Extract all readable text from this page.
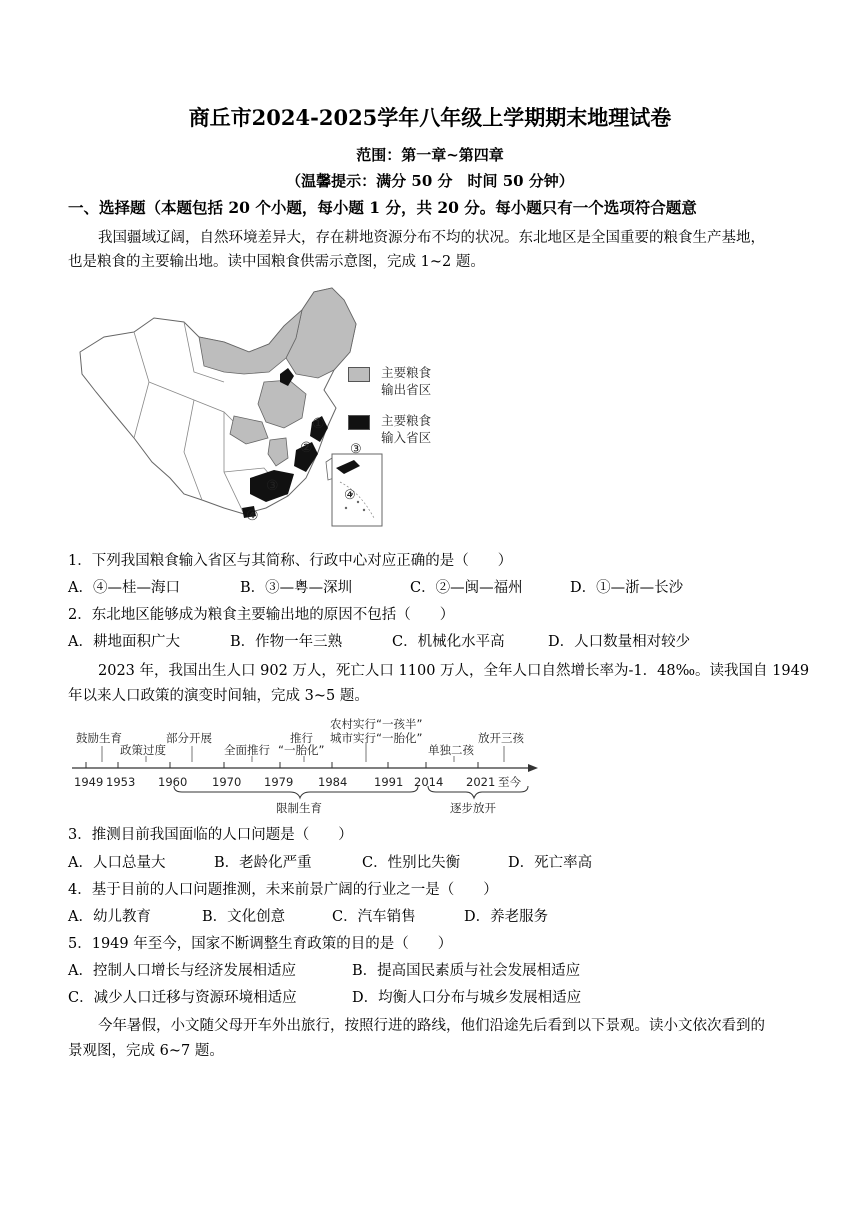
商丘市2024-2025学年八年级上学期期末地理试卷
范围：第一章~第四章
（温馨提示：满分 50 分　时间 50 分钟）
一、选择题（本题包括 20 个小题，每小题 1 分，共 20 分。每小题只有一个选项符合题意
我国疆域辽阔，自然环境差异大，存在耕地资源分布不均的状况。东北地区是全国重要的粮食生产基地，
也是粮食的主要输出地。读中国粮食供需示意图，完成 1~2 题。
①
②
③
④
③
④
主要粮食
输出省区
主要粮食
输入省区
1．下列我国粮食输入省区与其简称、行政中心对应正确的是（　　）
A．④—桂—海口	B．③—粤—深圳	C．②—闽—福州	D．①—浙—长沙
2．东北地区能够成为粮食主要输出地的原因不包括（　　）
A．耕地面积广大	B．作物一年三熟	C．机械化水平高	D．人口数量相对较少
2023 年，我国出生人口 902 万人，死亡人口 1100 万人，全年人口自然增长率为-1．48‰。读我国自 1949
年以来人口政策的演变时间轴，完成 3~5 题。
1949 1953 1960 1970 1979 1984 1991 2014 2021 至今
鼓励生育
政策过度
部分开展
全面推行
推行
“一胎化”
农村实行“一孩半”
城市实行“一胎化”
单独二孩
放开三孩
限制生育	逐步放开
3．推测目前我国面临的人口问题是（　　）
A．人口总量大	B．老龄化严重	C．性别比失衡	D．死亡率高
4．基于目前的人口问题推测，未来前景广阔的行业之一是（　　）
A．幼儿教育	B．文化创意	C．汽车销售	D．养老服务
5．1949 年至今，国家不断调整生育政策的目的是（　　）
A．控制人口增长与经济发展相适应	B．提高国民素质与社会发展相适应
C．减少人口迁移与资源环境相适应	D．均衡人口分布与城乡发展相适应
今年暑假，小文随父母开车外出旅行，按照行进的路线，他们沿途先后看到以下景观。读小文依次看到的
景观图，完成 6~7 题。
